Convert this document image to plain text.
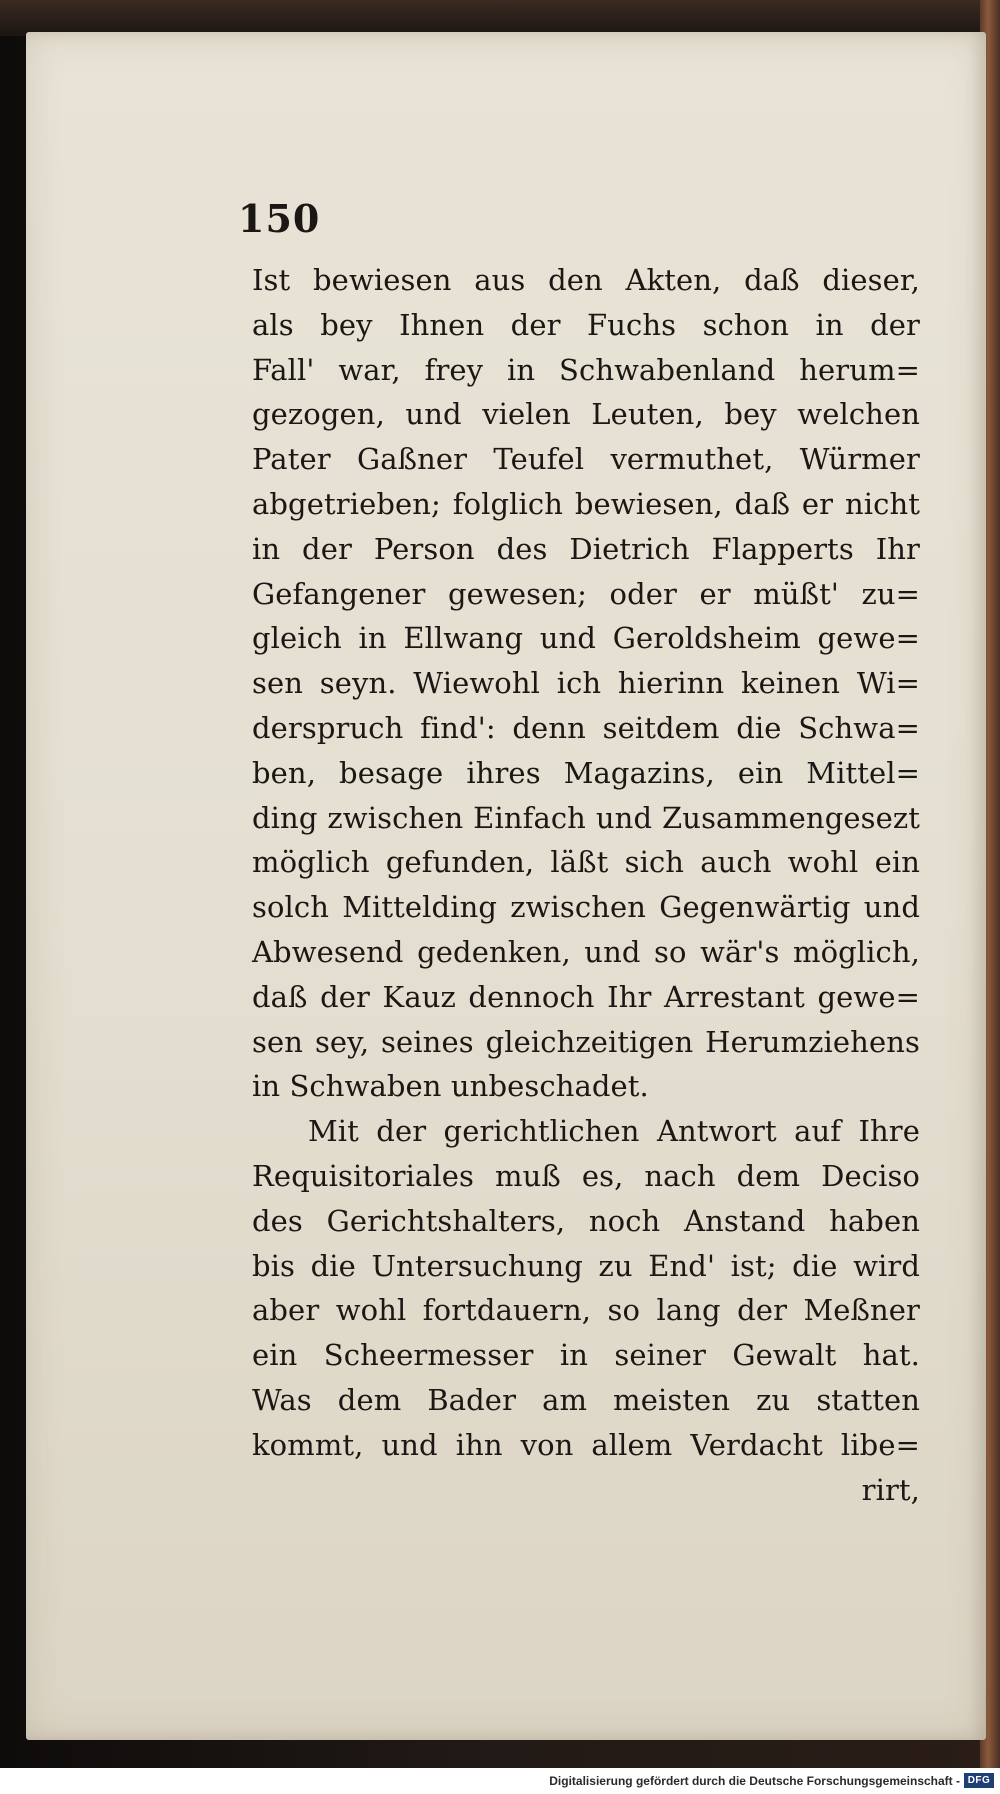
150
Ist bewiesen aus den Akten, daß dieser,
als bey Ihnen der Fuchs schon in der
Fall' war, frey in Schwabenland herum=
gezogen, und vielen Leuten, bey welchen
Pater Gaßner Teufel vermuthet, Würmer
abgetrieben; folglich bewiesen, daß er nicht
in der Person des Dietrich Flapperts Ihr
Gefangener gewesen; oder er müßt' zu=
gleich in Ellwang und Geroldsheim gewe=
sen seyn. Wiewohl ich hierinn keinen Wi=
derspruch find': denn seitdem die Schwa=
ben, besage ihres Magazins, ein Mittel=
ding zwischen Einfach und Zusammengesezt
möglich gefunden, läßt sich auch wohl ein
solch Mittelding zwischen Gegenwärtig und
Abwesend gedenken, und so wär's möglich,
daß der Kauz dennoch Ihr Arrestant gewe=
sen sey, seines gleichzeitigen Herumziehens
in Schwaben unbeschadet.
Mit der gerichtlichen Antwort auf Ihre
Requisitoriales muß es, nach dem Deciso
des Gerichtshalters, noch Anstand haben
bis die Untersuchung zu End' ist; die wird
aber wohl fortdauern, so lang der Meßner
ein Scheermesser in seiner Gewalt hat.
Was dem Bader am meisten zu statten
kommt, und ihn von allem Verdacht libe=
rirt,
Digitalisierung gefördert durch die Deutsche Forschungsgemeinschaft - DFG
